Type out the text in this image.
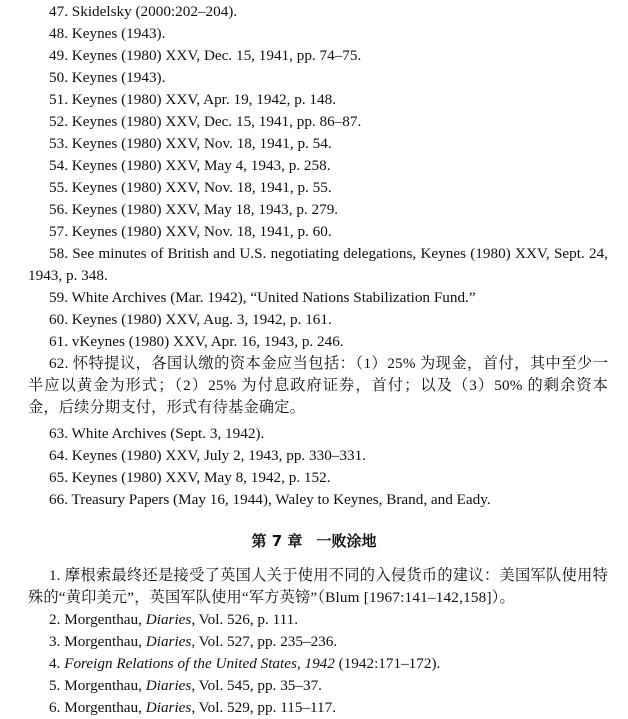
47. Skidelsky (2000:202–204).
48. Keynes (1943).
49. Keynes (1980) XXV, Dec. 15, 1941, pp. 74–75.
50. Keynes (1943).
51. Keynes (1980) XXV, Apr. 19, 1942, p. 148.
52. Keynes (1980) XXV, Dec. 15, 1941, pp. 86–87.
53. Keynes (1980) XXV, Nov. 18, 1941, p. 54.
54. Keynes (1980) XXV, May 4, 1943, p. 258.
55. Keynes (1980) XXV, Nov. 18, 1941, p. 55.
56. Keynes (1980) XXV, May 18, 1943, p. 279.
57. Keynes (1980) XXV, Nov. 18, 1941, p. 60.
58. See minutes of British and U.S. negotiating delegations, Keynes (1980) XXV, Sept. 24, 1943, p. 348.
59. White Archives (Mar. 1942), “United Nations Stabilization Fund.”
60. Keynes (1980) XXV, Aug. 3, 1942, p. 161.
61. vKeynes (1980) XXV, Apr. 16, 1943, p. 246.
62. 怀特提议，各国认缴的资本金应当包括：（1）25% 为现金，首付，其中至少一半应以黄金为形式；（2）25% 为付息政府证券，首付；以及（3）50% 的剩余资本金，后续分期支付，形式有待基金确定。
63. White Archives (Sept. 3, 1942).
64. Keynes (1980) XXV, July 2, 1943, pp. 330–331.
65. Keynes (1980) XXV, May 8, 1942, p. 152.
66. Treasury Papers (May 16, 1944), Waley to Keynes, Brand, and Eady.
第 7 章 一败涂地
1. 摩根索最终还是接受了英国人关于使用不同的入侵货币的建议：美国军队使用特殊的“黄印美元”，英国军队使用“军方英镑”（Blum [1967:141–142,158]）。
2. Morgenthau, Diaries, Vol. 526, p. 111.
3. Morgenthau, Diaries, Vol. 527, pp. 235–236.
4. Foreign Relations of the United States, 1942 (1942:171–172).
5. Morgenthau, Diaries, Vol. 545, pp. 35–37.
6. Morgenthau, Diaries, Vol. 529, pp. 115–117.
